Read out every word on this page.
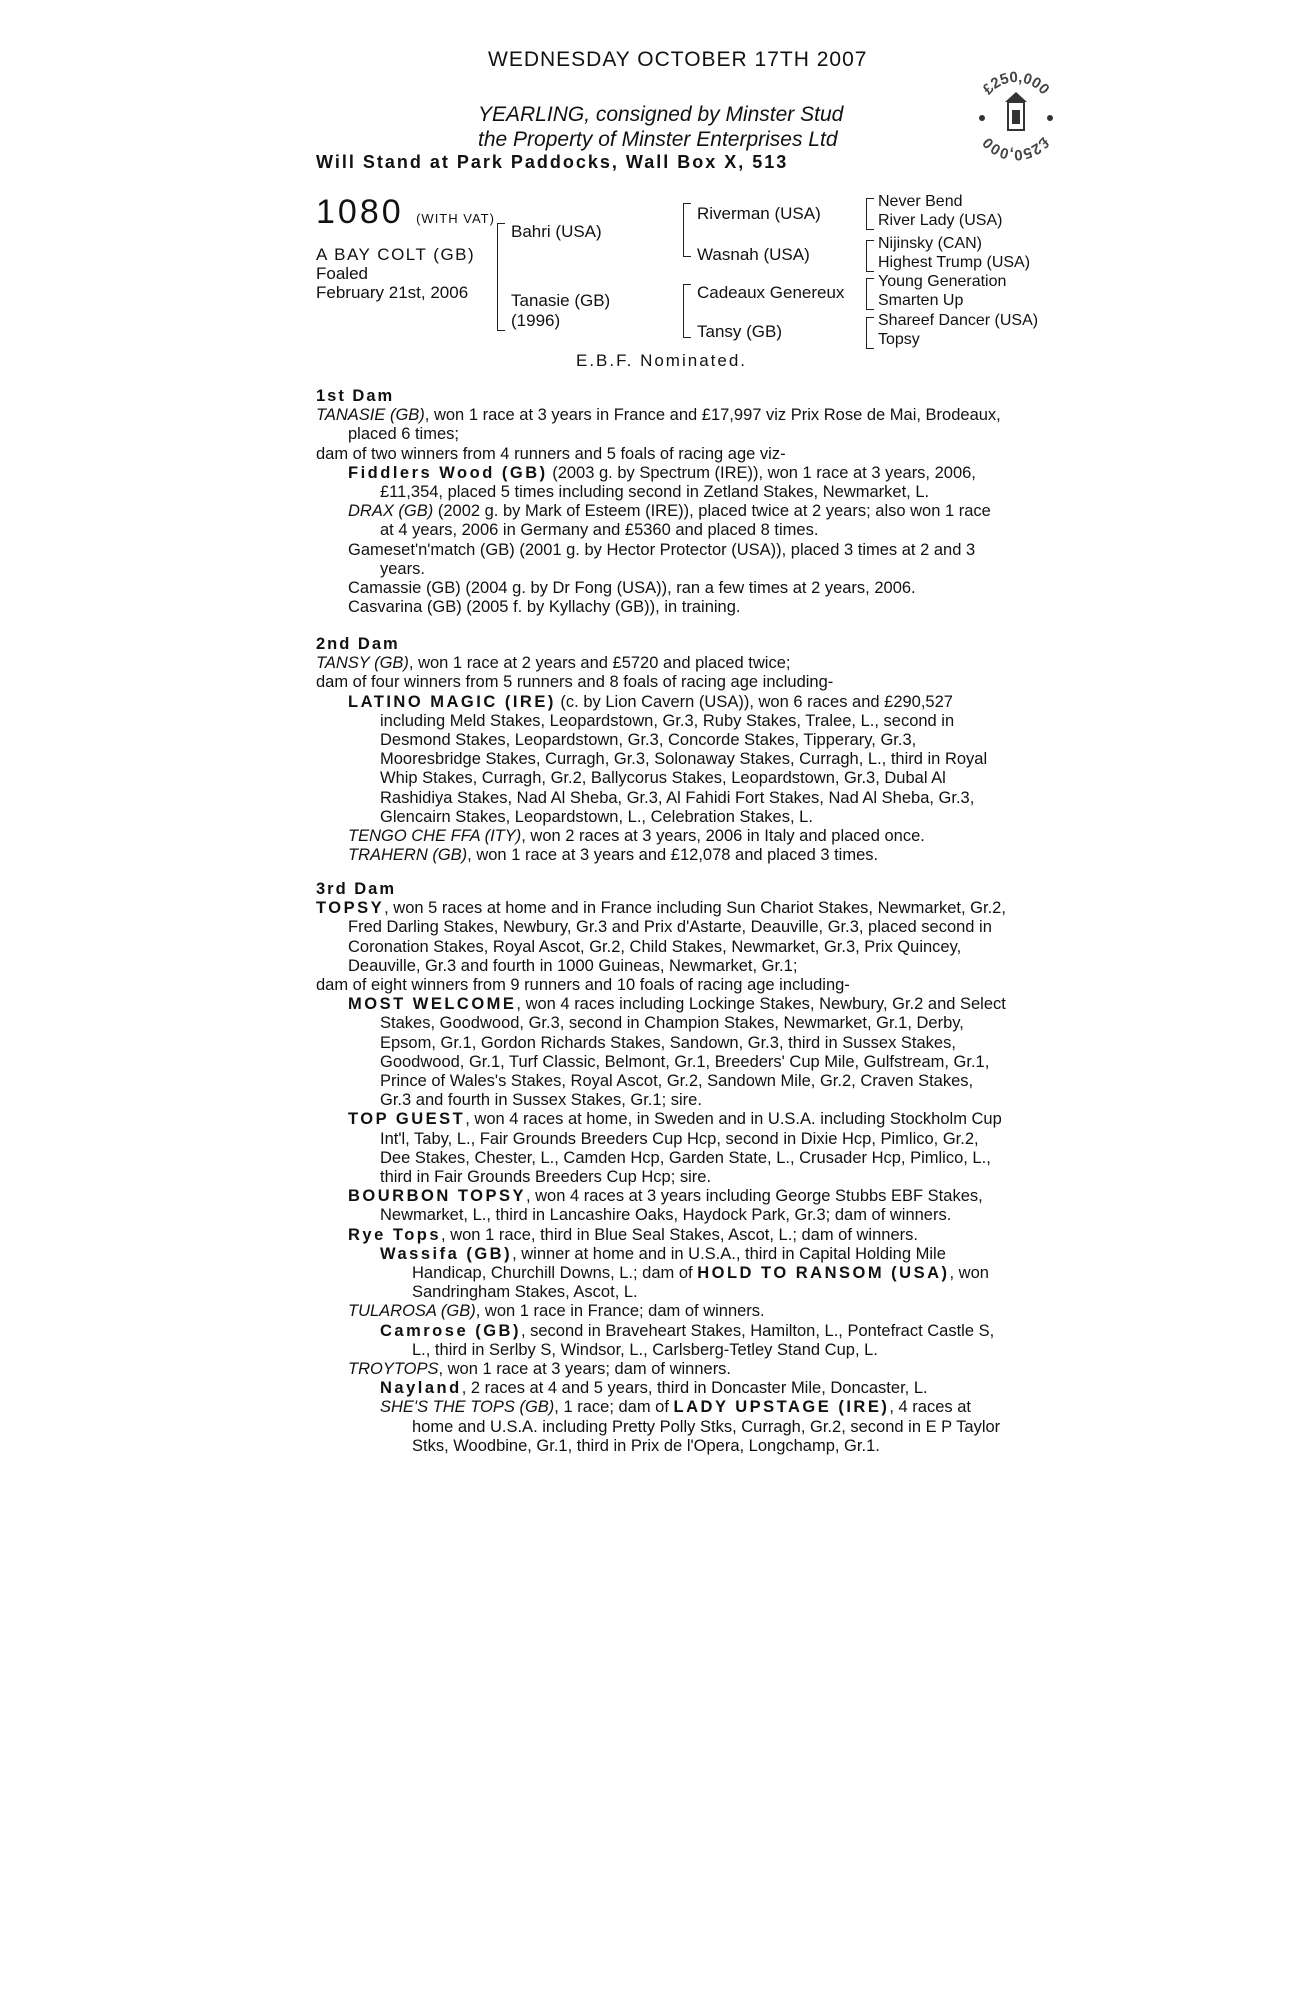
WEDNESDAY OCTOBER 17TH 2007
YEARLING, consigned by Minster Stud
the Property of Minster Enterprises Ltd
Will Stand at Park Paddocks, Wall Box X, 513
£250,000
£250,000
1080 (WITH VAT)
A BAY COLT (GB)
Foaled
February 21st, 2006
Bahri (USA)
Tanasie (GB)
(1996)
Riverman (USA)
Wasnah (USA)
Cadeaux Genereux
Tansy (GB)
Never Bend
River Lady (USA)
Nijinsky (CAN)
Highest Trump (USA)
Young Generation
Smarten Up
Shareef Dancer (USA)
Topsy
E.B.F. Nominated.

1st Dam

TANASIE (GB), won 1 race at 3 years in France and £17,997 viz Prix Rose de Mai, Brodeaux, placed 6 times;

dam of two winners from 4 runners and 5 foals of racing age viz-

Fiddlers Wood (GB) (2003 g. by Spectrum (IRE)), won 1 race at 3 years, 2006, £11,354, placed 5 times including second in Zetland Stakes, Newmarket, L.

DRAX (GB) (2002 g. by Mark of Esteem (IRE)), placed twice at 2 years; also won 1 race at 4 years, 2006 in Germany and £5360 and placed 8 times.

Gameset'n'match (GB) (2001 g. by Hector Protector (USA)), placed 3 times at 2 and 3 years.

Camassie (GB) (2004 g. by Dr Fong (USA)), ran a few times at 2 years, 2006.

Casvarina (GB) (2005 f. by Kyllachy (GB)), in training.

2nd Dam

TANSY (GB), won 1 race at 2 years and £5720 and placed twice;

dam of four winners from 5 runners and 8 foals of racing age including-

LATINO MAGIC (IRE) (c. by Lion Cavern (USA)), won 6 races and £290,527 including Meld Stakes, Leopardstown, Gr.3, Ruby Stakes, Tralee, L., second in Desmond Stakes, Leopardstown, Gr.3, Concorde Stakes, Tipperary, Gr.3, Mooresbridge Stakes, Curragh, Gr.3, Solonaway Stakes, Curragh, L., third in Royal Whip Stakes, Curragh, Gr.2, Ballycorus Stakes, Leopardstown, Gr.3, Dubal Al Rashidiya Stakes, Nad Al Sheba, Gr.3, Al Fahidi Fort Stakes, Nad Al Sheba, Gr.3, Glencairn Stakes, Leopardstown, L., Celebration Stakes, L.

TENGO CHE FFA (ITY), won 2 races at 3 years, 2006 in Italy and placed once.

TRAHERN (GB), won 1 race at 3 years and £12,078 and placed 3 times.

3rd Dam

TOPSY, won 5 races at home and in France including Sun Chariot Stakes, Newmarket, Gr.2, Fred Darling Stakes, Newbury, Gr.3 and Prix d'Astarte, Deauville, Gr.3, placed second in Coronation Stakes, Royal Ascot, Gr.2, Child Stakes, Newmarket, Gr.3, Prix Quincey, Deauville, Gr.3 and fourth in 1000 Guineas, Newmarket, Gr.1;

dam of eight winners from 9 runners and 10 foals of racing age including-

MOST WELCOME, won 4 races including Lockinge Stakes, Newbury, Gr.2 and Select Stakes, Goodwood, Gr.3, second in Champion Stakes, Newmarket, Gr.1, Derby, Epsom, Gr.1, Gordon Richards Stakes, Sandown, Gr.3, third in Sussex Stakes, Goodwood, Gr.1, Turf Classic, Belmont, Gr.1, Breeders' Cup Mile, Gulfstream, Gr.1, Prince of Wales's Stakes, Royal Ascot, Gr.2, Sandown Mile, Gr.2, Craven Stakes, Gr.3 and fourth in Sussex Stakes, Gr.1; sire.

TOP GUEST, won 4 races at home, in Sweden and in U.S.A. including Stockholm Cup Int'l, Taby, L., Fair Grounds Breeders Cup Hcp, second in Dixie Hcp, Pimlico, Gr.2, Dee Stakes, Chester, L., Camden Hcp, Garden State, L., Crusader Hcp, Pimlico, L., third in Fair Grounds Breeders Cup Hcp; sire.

BOURBON TOPSY, won 4 races at 3 years including George Stubbs EBF Stakes, Newmarket, L., third in Lancashire Oaks, Haydock Park, Gr.3; dam of winners.

Rye Tops, won 1 race, third in Blue Seal Stakes, Ascot, L.; dam of winners.

Wassifa (GB), winner at home and in U.S.A., third in Capital Holding Mile Handicap, Churchill Downs, L.; dam of HOLD TO RANSOM (USA), won Sandringham Stakes, Ascot, L.

TULAROSA (GB), won 1 race in France; dam of winners.

Camrose (GB), second in Braveheart Stakes, Hamilton, L., Pontefract Castle S, L., third in Serlby S, Windsor, L., Carlsberg-Tetley Stand Cup, L.

TROYTOPS, won 1 race at 3 years; dam of winners.

Nayland, 2 races at 4 and 5 years, third in Doncaster Mile, Doncaster, L.

SHE'S THE TOPS (GB), 1 race; dam of LADY UPSTAGE (IRE), 4 races at home and U.S.A. including Pretty Polly Stks, Curragh, Gr.2, second in E P Taylor Stks, Woodbine, Gr.1, third in Prix de l'Opera, Longchamp, Gr.1.
